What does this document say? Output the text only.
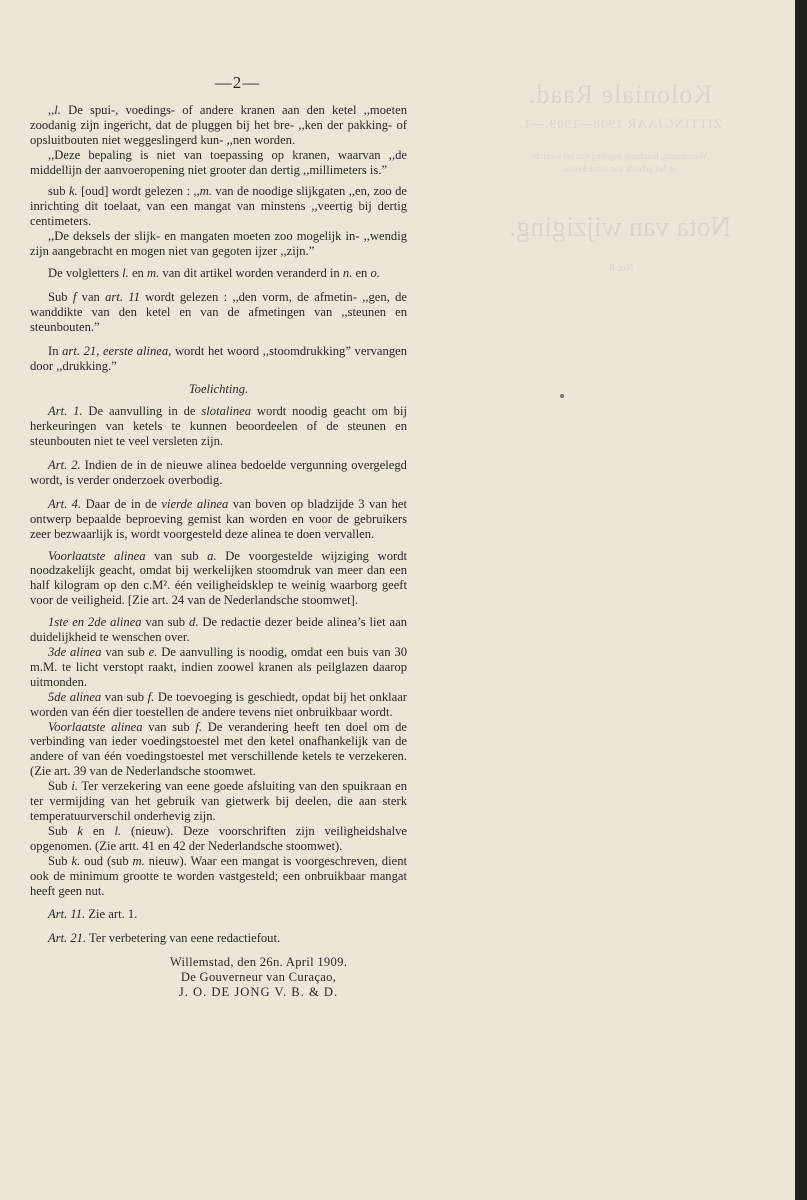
Koloniale Raad.
ZITTINGJAAR 1908—1909.—1.
Verordening, houdende regeling van het toezicht
op het gebruik van stoomketels.
Nota van wijziging.
No. 8.
—2—

,,l. De spui-, voedings- of andere kranen aan den ketel ,,moeten zoodanig zijn ingericht, dat de pluggen bij het bre- ,,ken der pakking- of opsluitbouten niet weggeslingerd kun- ,,nen worden.

,,Deze bepaling is niet van toepassing op kranen, waarvan ,,de middellijn der aanvoeropening niet grooter dan dertig ,,millimeters is.”

sub k. [oud] wordt gelezen : ,,m. van de noodige slijkgaten ,,en, zoo de inrichting dit toelaat, van een mangat van minstens ,,veertig bij dertig centimeters.

,,De deksels der slijk- en mangaten moeten zoo mogelijk in- ,,wendig zijn aangebracht en mogen niet van gegoten ijzer ,,zijn.”

De volgletters l. en m. van dit artikel worden veranderd in n. en o.

Sub f van art. 11 wordt gelezen : ,,den vorm, de afmetin- ,,gen, de wanddikte van den ketel en van de afmetingen van ,,steunen en steunbouten.”

In art. 21, eerste alinea, wordt het woord ,,stoomdrukking” vervangen door ,,drukking.”

Toelichting.

Art. 1. De aanvulling in de slotalinea wordt noodig geacht om bij herkeuringen van ketels te kunnen beoordeelen of de steunen en steunbouten niet te veel versleten zijn.

Art. 2. Indien de in de nieuwe alinea bedoelde vergunning overgelegd wordt, is verder onderzoek overbodig.

Art. 4. Daar de in de vierde alinea van boven op bladzijde 3 van het ontwerp bepaalde beproeving gemist kan worden en voor de gebruikers zeer bezwaarlijk is, wordt voorgesteld deze alinea te doen vervallen.

Voorlaatste alinea van sub a. De voorgestelde wijziging wordt noodzakelijk geacht, omdat bij werkelijken stoomdruk van meer dan een half kilogram op den c.M². één veiligheidsklep te weinig waarborg geeft voor de veiligheid. [Zie art. 24 van de Nederlandsche stoomwet].

1ste en 2de alinea van sub d. De redactie dezer beide alinea’s liet aan duidelijkheid te wenschen over.

3de alinea van sub e. De aanvulling is noodig, omdat een buis van 30 m.M. te licht verstopt raakt, indien zoowel kranen als peilglazen daarop uitmonden.

5de alinea van sub f. De toevoeging is geschiedt, opdat bij het onklaar worden van één dier toestellen de andere tevens niet onbruikbaar wordt.

Voorlaatste alinea van sub f. De verandering heeft ten doel om de verbinding van ieder voedingstoestel met den ketel onafhankelijk van de andere of van één voedingstoestel met verschillende ketels te verzekeren. (Zie art. 39 van de Nederlandsche stoomwet.

Sub i. Ter verzekering van eene goede afsluiting van den spuikraan en ter vermijding van het gebruik van gietwerk bij deelen, die aan sterk temperatuurverschil onderhevig zijn.

Sub k en l. (nieuw). Deze voorschriften zijn veiligheidshalve opgenomen. (Zie artt. 41 en 42 der Nederlandsche stoomwet).

Sub k. oud (sub m. nieuw). Waar een mangat is voorgeschreven, dient ook de minimum grootte te worden vastgesteld; een onbruikbaar mangat heeft geen nut.

Art. 11. Zie art. 1.

Art. 21. Ter verbetering van eene redactiefout.

Willemstad, den 26n. April 1909.
De Gouverneur van Curaçao,
J. O. DE JONG V. B. & D.
